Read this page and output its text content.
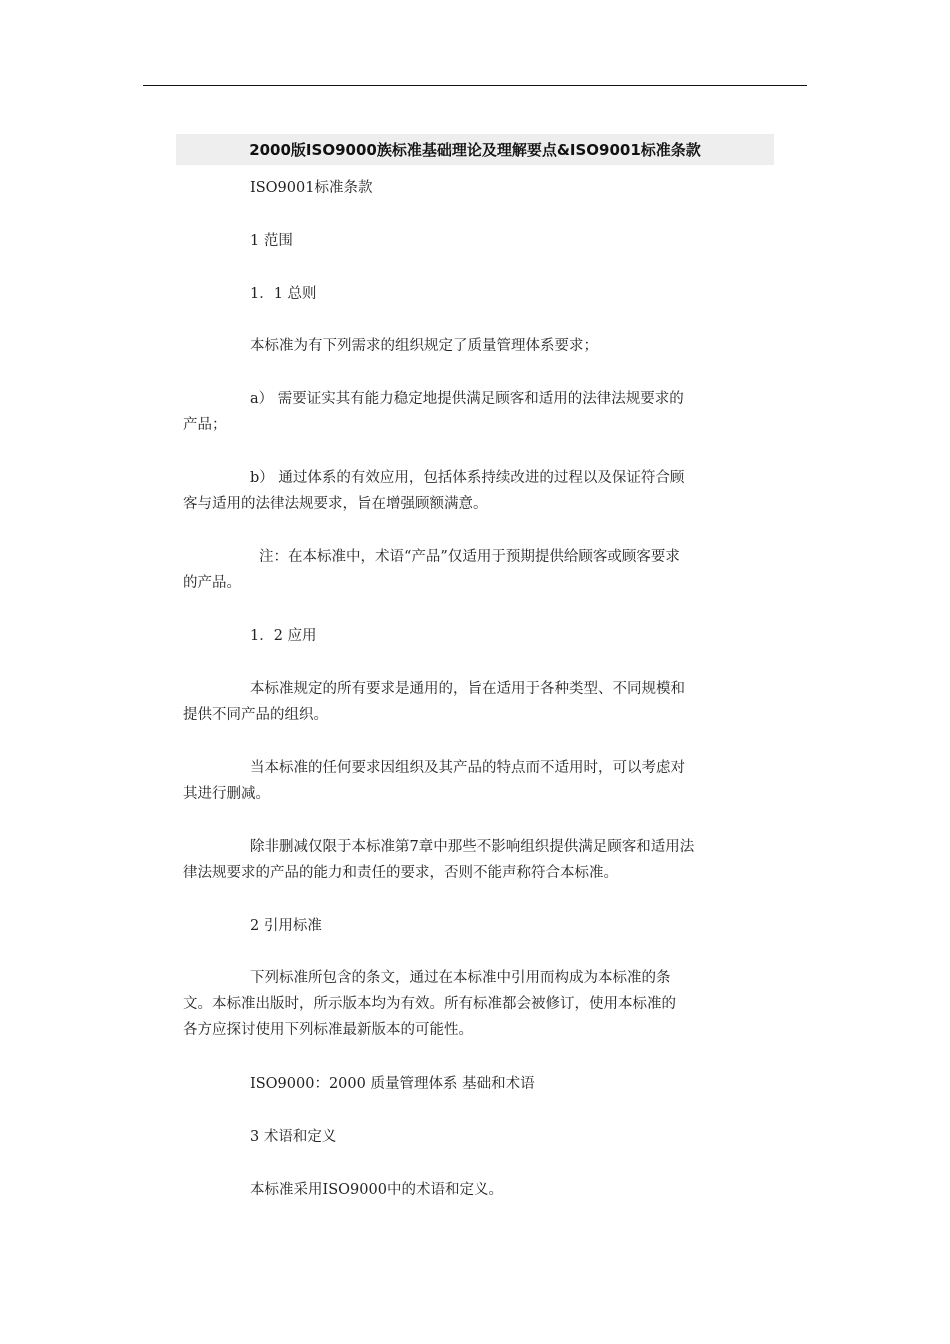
2000版ISO9000族标准基础理论及理解要点&ISO9001标准条款

ISO9001标准条款

1 范围

1．1 总则

本标准为有下列需求的组织规定了质量管理体系要求；

a） 需要证实其有能力稳定地提供满足顾客和适用的法律法规要求的
产品；

b） 通过体系的有效应用，包括体系持续改进的过程以及保证符合顾
客与适用的法律法规要求，旨在增强顾额满意。

注：在本标准中，术语“产品”仅适用于预期提供给顾客或顾客要求
的产品。

1．2 应用

本标准规定的所有要求是通用的，旨在适用于各种类型、不同规模和
提供不同产品的组织。

当本标准的任何要求因组织及其产品的特点而不适用时，可以考虑对
其进行删减。

除非删减仅限于本标准第7章中那些不影响组织提供满足顾客和适用法
律法规要求的产品的能力和责任的要求，否则不能声称符合本标准。

2 引用标准

下列标准所包含的条文，通过在本标准中引用而构成为本标准的条
文。本标准出版时，所示版本均为有效。所有标准都会被修订，使用本标准的
各方应探讨使用下列标准最新版本的可能性。

ISO9000：2000 质量管理体系 基础和术语

3 术语和定义

本标准采用ISO9000中的术语和定义。
